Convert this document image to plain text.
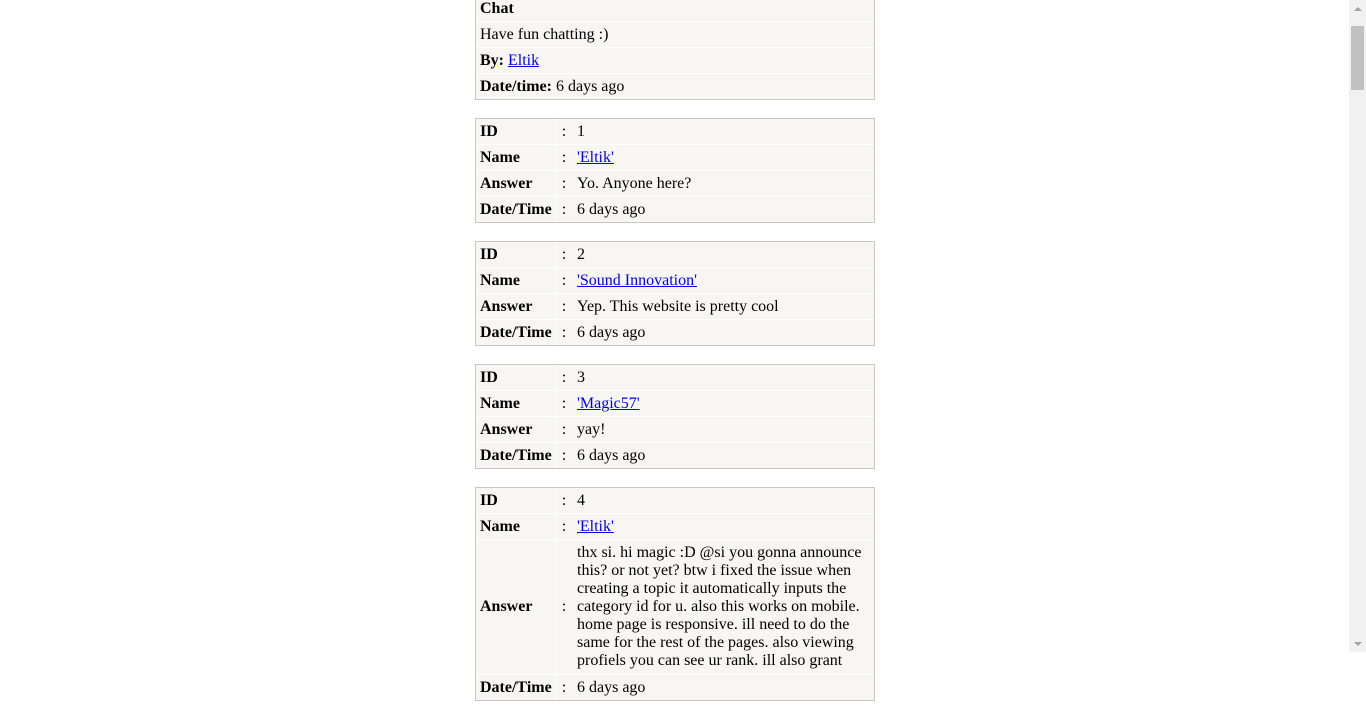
Chat
Have fun chatting :)
By: Eltik
Date/time: 6 days ago
ID	:	1
Name	:	'Eltik'
Answer	:	Yo. Anyone here?
Date/Time	:	6 days ago
ID	:	2
Name	:	'Sound Innovation'
Answer	:	Yep. This website is pretty cool
Date/Time	:	6 days ago
ID	:	3
Name	:	'Magic57'
Answer	:	yay!
Date/Time	:	6 days ago
ID	:	4
Name	:	'Eltik'
Answer	:	thx si. hi magic :D @si you gonna announce this? or not yet? btw i fixed the issue when creating a topic it automatically inputs the category id for u. also this works on mobile. home page is responsive. ill need to do the same for the rest of the pages. also viewing profiels you can see ur rank. ill also grant
Date/Time	:	6 days ago
